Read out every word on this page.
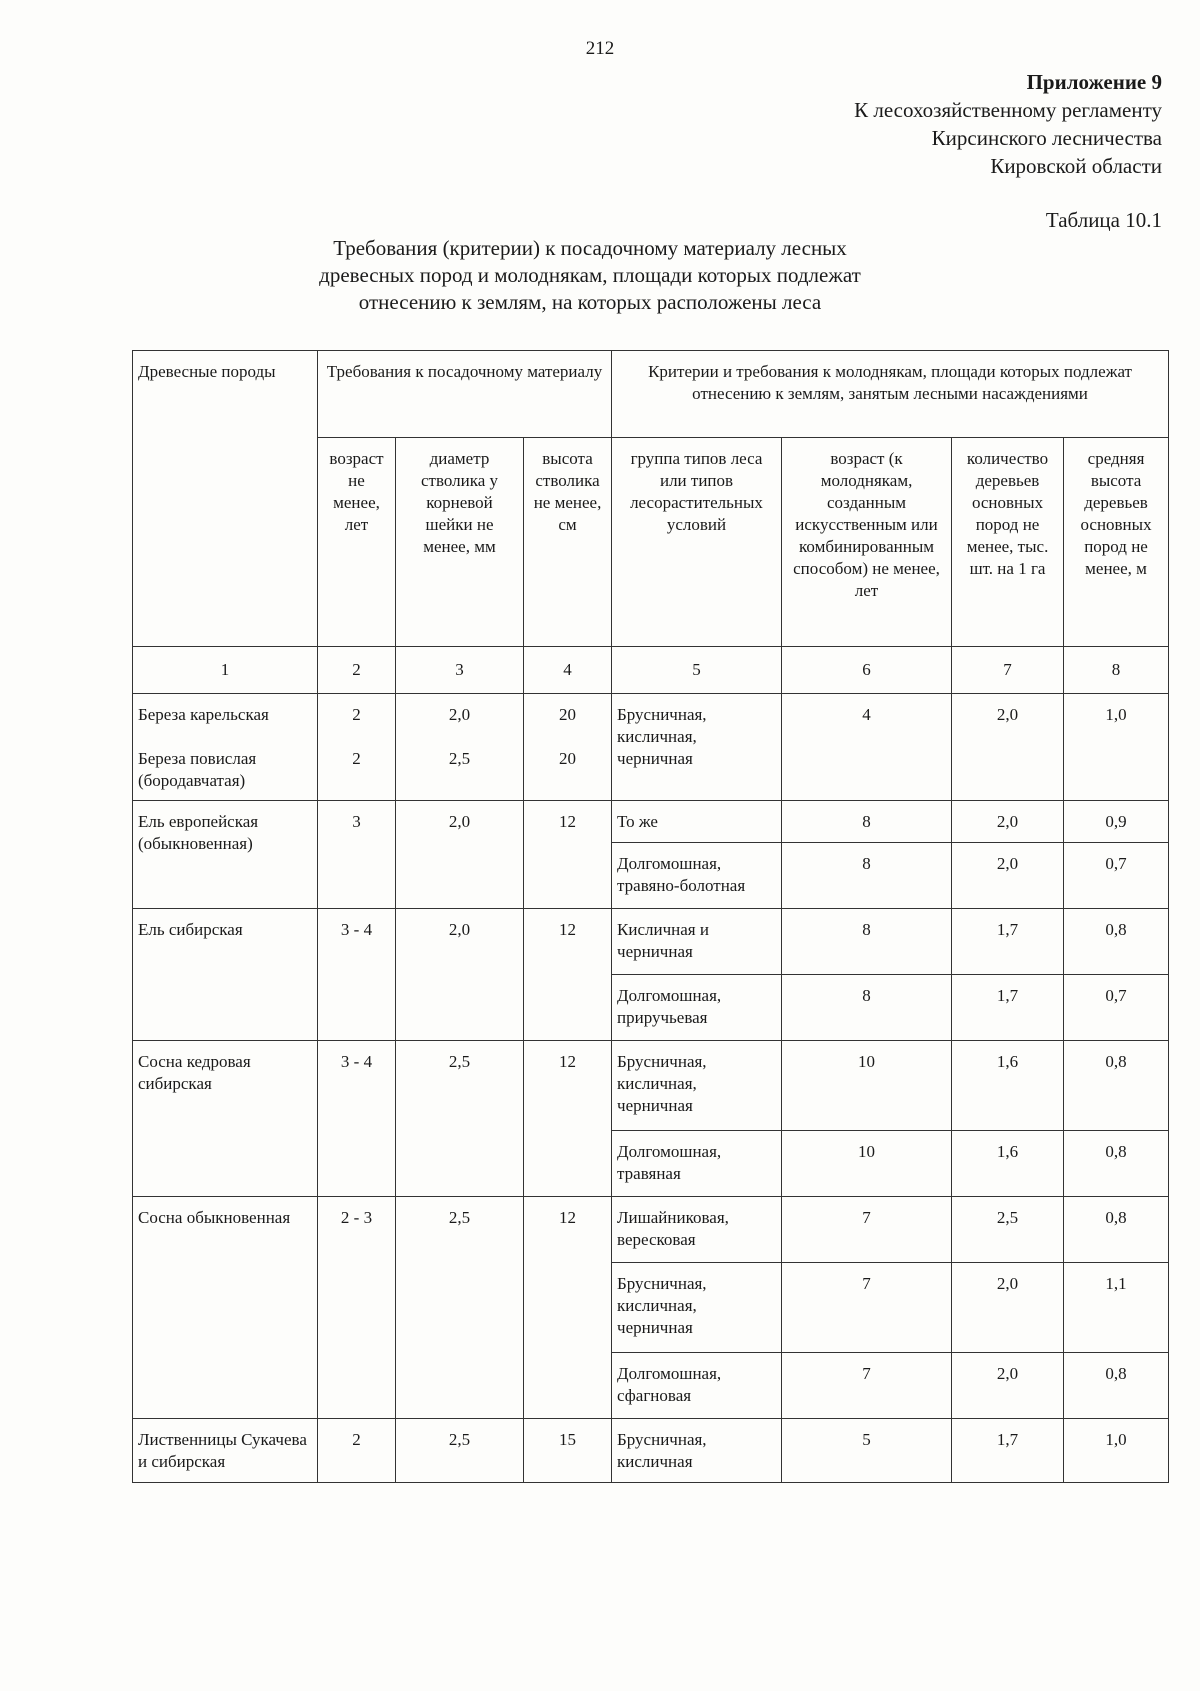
212
Приложение 9
К лесохозяйственному регламенту
Кирсинского лесничества
Кировской области
Таблица 10.1
Требования (критерии) к посадочному материалу лесных древесных пород и молоднякам, площади которых подлежат отнесению к землям, на которых расположены леса
Древесные породы	Требования к посадочному материалу			Критерии и требования к молоднякам, площади которых подлежат отнесению к землям, занятым лесными насаждениями			
	возраст не менее, лет	диаметр стволика у корневой шейки не менее, мм	высота стволика не менее, см	группа типов леса или типов лесорастительных условий	возраст (к молоднякам, созданным искусственным или комбинированным способом) не менее, лет	количество деревьев основных пород не менее, тыс. шт. на 1 га	средняя высота деревьев основных пород не менее, м
1	2	3	4	5	6	7	8
Береза карельская	2	2,0	20	Брусничная, кисличная, черничная	4	2,0	1,0
Береза повислая (бородавчатая)	2	2,5	20				
Ель европейская (обыкновенная)	3	2,0	12	То же	8	2,0	0,9
				Долгомошная, травяно-болотная	8	2,0	0,7
Ель сибирская	3 - 4	2,0	12	Кисличная и черничная	8	1,7	0,8
				Долгомошная, приручьевая	8	1,7	0,7
Сосна кедровая сибирская	3 - 4	2,5	12	Брусничная, кисличная, черничная	10	1,6	0,8
				Долгомошная, травяная	10	1,6	0,8
Сосна обыкновенная	2 - 3	2,5	12	Лишайниковая, вересковая	7	2,5	0,8
				Брусничная, кисличная, черничная	7	2,0	1,1
				Долгомошная, сфагновая	7	2,0	0,8
Лиственницы Сукачева и сибирская	2	2,5	15	Брусничная, кисличная	5	1,7	1,0
